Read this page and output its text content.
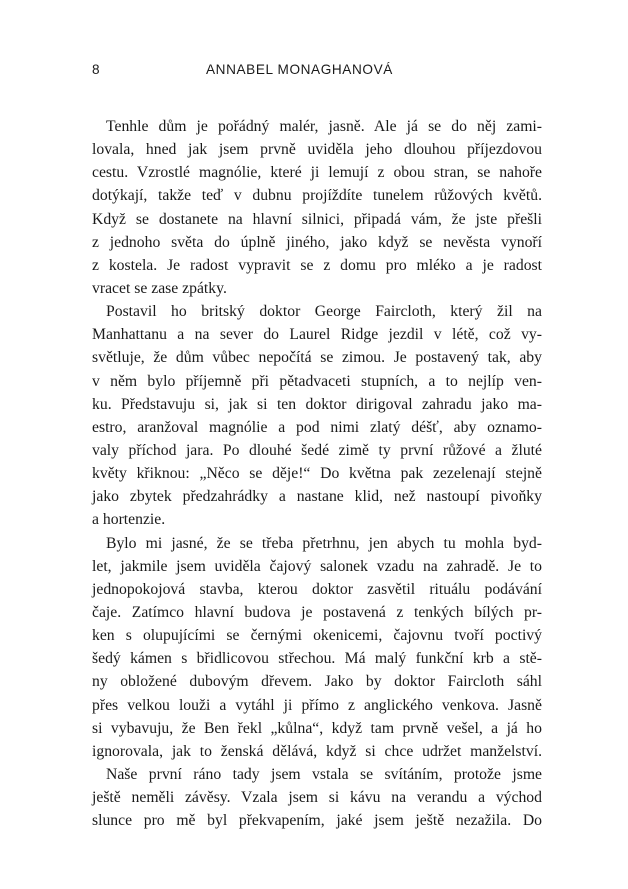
8	ANNABEL MONAGHANOVÁ
Tenhle dům je pořádný malér, jasně. Ale já se do něj zami-
lovala, hned jak jsem prvně uviděla jeho dlouhou příjezdovou
cestu. Vzrostlé magnólie, které ji lemují z obou stran, se nahoře
dotýkají, takže teď v dubnu projíždíte tunelem růžových květů.
Když se dostanete na hlavní silnici, připadá vám, že jste přešli
z jednoho světa do úplně jiného, jako když se nevěsta vynoří
z kostela. Je radost vypravit se z domu pro mléko a je radost
vracet se zase zpátky.
Postavil ho britský doktor George Faircloth, který žil na
Manhattanu a na sever do Laurel Ridge jezdil v létě, což vy-
světluje, že dům vůbec nepočítá se zimou. Je postavený tak, aby
v něm bylo příjemně při pětadvaceti stupních, a to nejlíp ven-
ku. Představuju si, jak si ten doktor dirigoval zahradu jako ma-
estro, aranžoval magnólie a pod nimi zlatý déšť, aby oznamo-
valy příchod jara. Po dlouhé šedé zimě ty první růžové a žluté
květy křiknou: „Něco se děje!“ Do května pak zezelenají stejně
jako zbytek předzahrádky a nastane klid, než nastoupí pivoňky
a hortenzie.
Bylo mi jasné, že se třeba přetrhnu, jen abych tu mohla byd-
let, jakmile jsem uviděla čajový salonek vzadu na zahradě. Je to
jednopokojová stavba, kterou doktor zasvětil rituálu podávání
čaje. Zatímco hlavní budova je postavená z tenkých bílých pr-
ken s olupujícími se černými okenicemi, čajovnu tvoří poctivý
šedý kámen s břidlicovou střechou. Má malý funkční krb a stě-
ny obložené dubovým dřevem. Jako by doktor Faircloth sáhl
přes velkou louži a vytáhl ji přímo z anglického venkova. Jasně
si vybavuju, že Ben řekl „kůlna“, když tam prvně vešel, a já ho
ignorovala, jak to ženská dělává, když si chce udržet manželství.
Naše první ráno tady jsem vstala se svítáním, protože jsme
ještě neměli závěsy. Vzala jsem si kávu na verandu a východ
slunce pro mě byl překvapením, jaké jsem ještě nezažila. Do
